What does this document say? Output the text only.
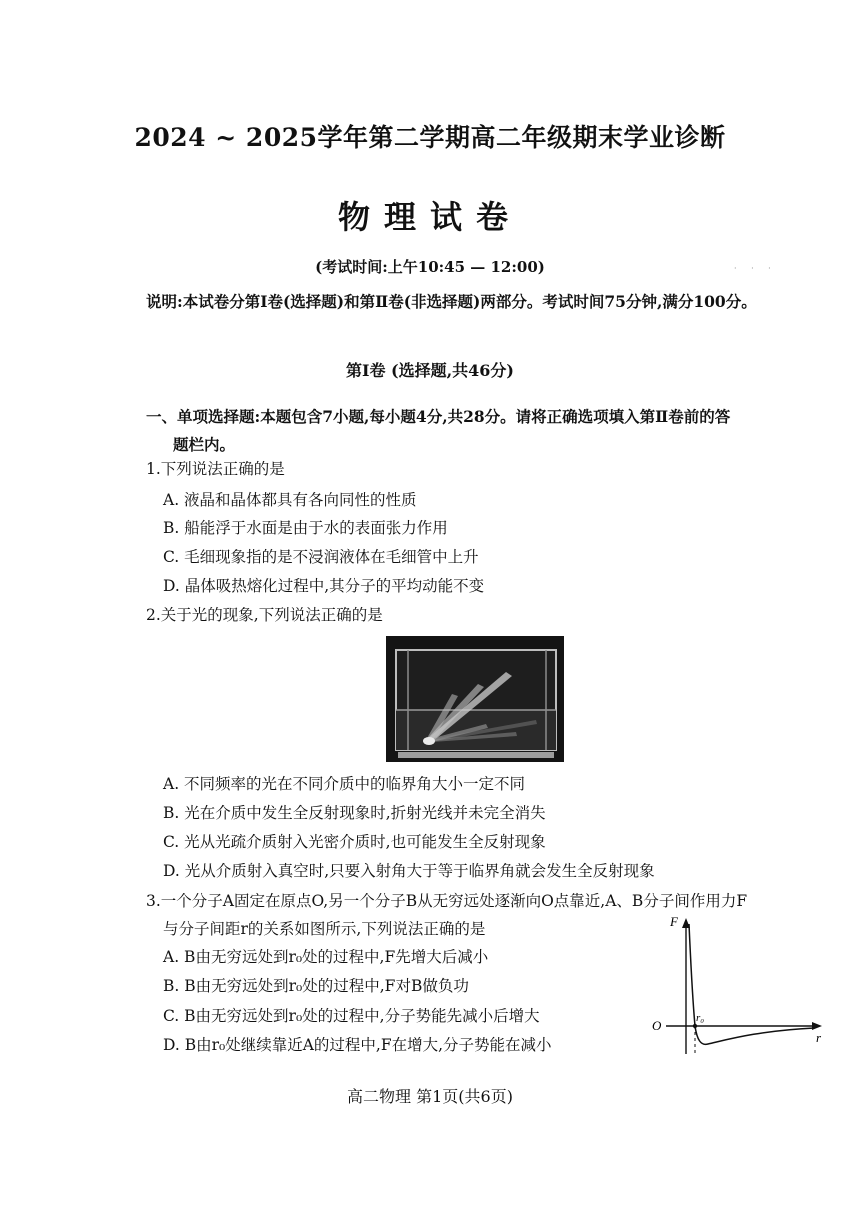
2024 ~ 2025学年第二学期高二年级期末学业诊断
物理试卷
(考试时间:上午10:45 — 12:00)	· · ·
说明:本试卷分第Ⅰ卷(选择题)和第Ⅱ卷(非选择题)两部分。考试时间75分钟,满分100分。
第Ⅰ卷 (选择题,共46分)
一、单项选择题:本题包含7小题,每小题4分,共28分。请将正确选项填入第Ⅱ卷前的答
题栏内。
1.下列说法正确的是
A. 液晶和晶体都具有各向同性的性质
B. 船能浮于水面是由于水的表面张力作用
C. 毛细现象指的是不浸润液体在毛细管中上升
D. 晶体吸热熔化过程中,其分子的平均动能不变
2.关于光的现象,下列说法正确的是
A. 不同频率的光在不同介质中的临界角大小一定不同
B. 光在介质中发生全反射现象时,折射光线并未完全消失
C. 光从光疏介质射入光密介质时,也可能发生全反射现象
D. 光从介质射入真空时,只要入射角大于等于临界角就会发生全反射现象
3.一个分子A固定在原点O,另一个分子B从无穷远处逐渐向O点靠近,A、B分子间作用力F
与分子间距r的关系如图所示,下列说法正确的是
A. B由无穷远处到r₀处的过程中,F先增大后减小
B. B由无穷远处到r₀处的过程中,F对B做负功
C. B由无穷远处到r₀处的过程中,分子势能先减小后增大
D. B由r₀处继续靠近A的过程中,F在增大,分子势能在减小
F
r
O	r₀
高二物理 第1页(共6页)
